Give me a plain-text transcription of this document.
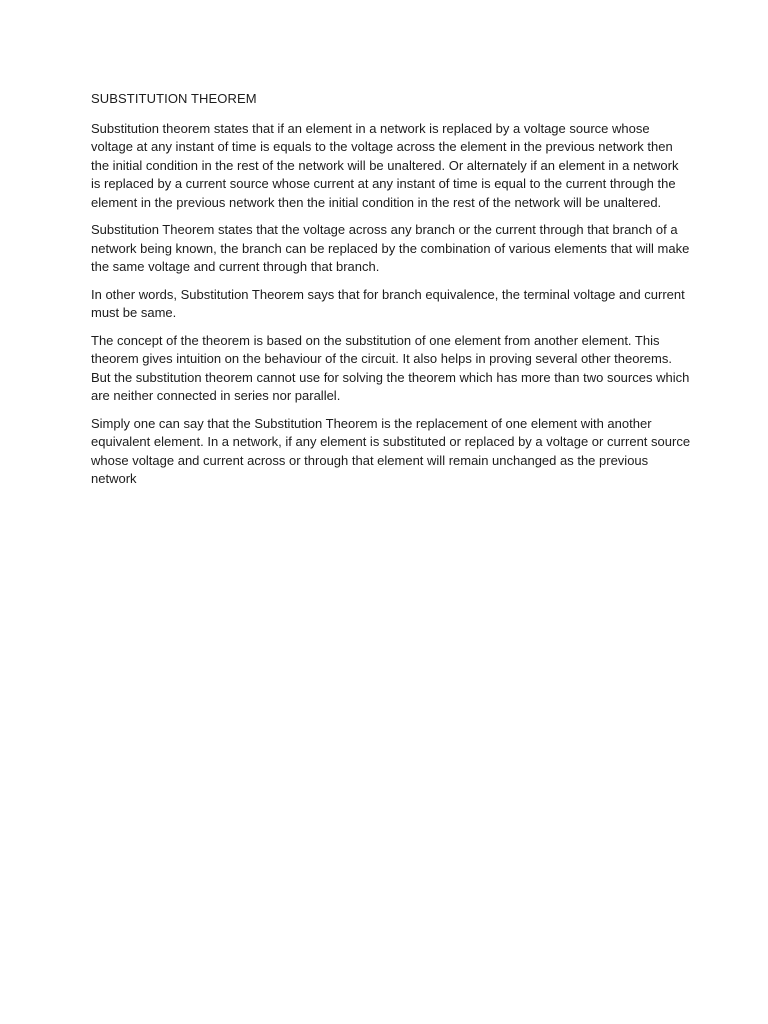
SUBSTITUTION THEOREM

Substitution theorem states that if an element in a network is replaced by a voltage source whose voltage at any instant of time is equals to the voltage across the element in the previous network then the initial condition in the rest of the network will be unaltered. Or alternately if an element in a network is replaced by a current source whose current at any instant of time is equal to the current through the element in the previous network then the initial condition in the rest of the network will be unaltered.

Substitution Theorem states that the voltage across any branch or the current through that branch of a network being known, the branch can be replaced by the combination of various elements that will make the same voltage and current through that branch.

In other words, Substitution Theorem says that for branch equivalence, the terminal voltage and current must be same.

The concept of the theorem is based on the substitution of one element from another element. This theorem gives intuition on the behaviour of the circuit. It also helps in proving several other theorems. But the substitution theorem cannot use for solving the theorem which has more than two sources which are neither connected in series nor parallel.

Simply one can say that the Substitution Theorem is the replacement of one element with another equivalent element. In a network, if any element is substituted or replaced by a voltage or current source whose voltage and current across or through that element will remain unchanged as the previous network
